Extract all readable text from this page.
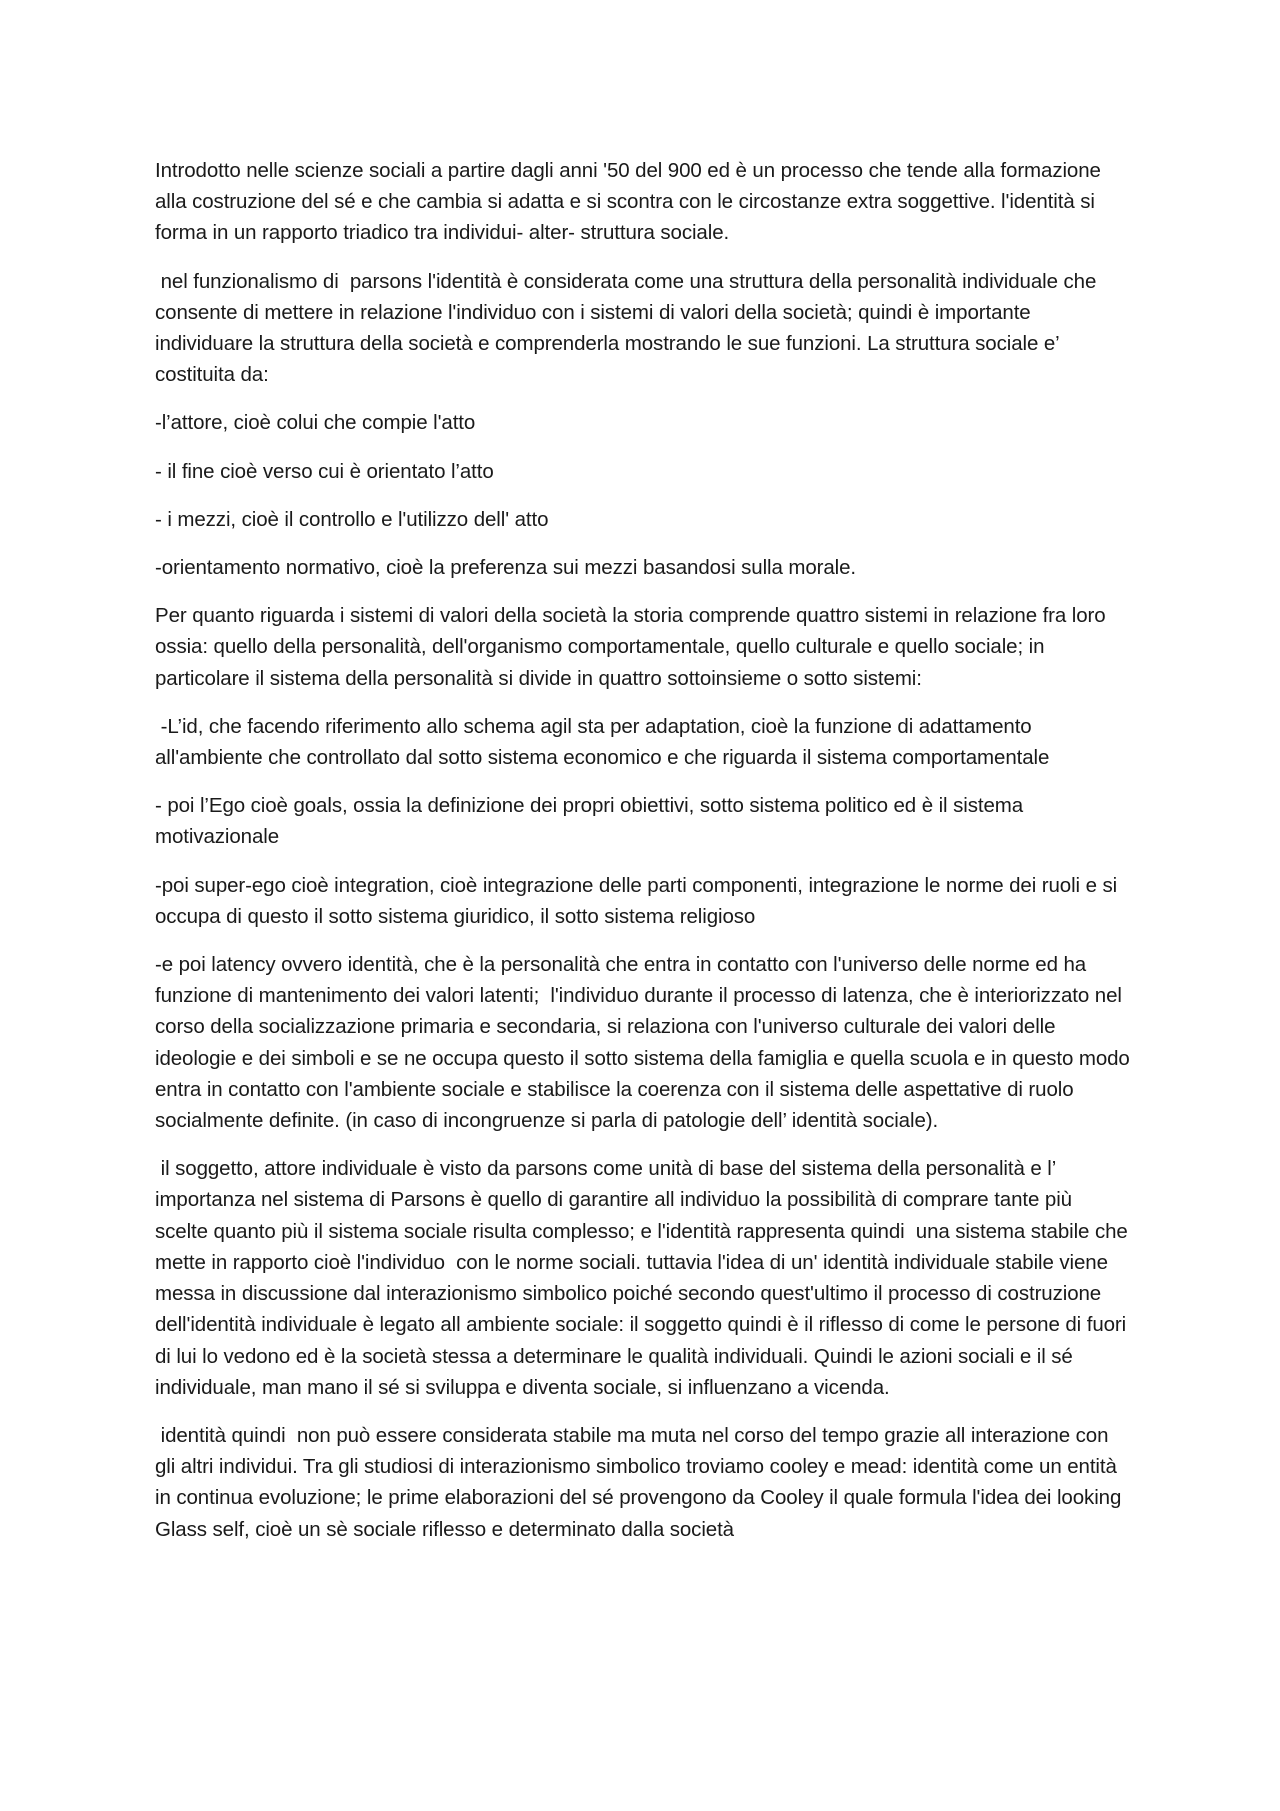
Introdotto nelle scienze sociali a partire dagli anni '50 del 900 ed è un processo che tende alla formazione alla costruzione del sé e che cambia si adatta e si scontra con le circostanze extra soggettive. l'identità si forma in un rapporto triadico tra individui- alter- struttura sociale.

nel funzionalismo di  parsons l'identità è considerata come una struttura della personalità individuale che consente di mettere in relazione l'individuo con i sistemi di valori della società; quindi è importante individuare la struttura della società e comprenderla mostrando le sue funzioni. La struttura sociale e’ costituita da:

-l’attore, cioè colui che compie l'atto

- il fine cioè verso cui è orientato l’atto

- i mezzi, cioè il controllo e l'utilizzo dell' atto

-orientamento normativo, cioè la preferenza sui mezzi basandosi sulla morale.

Per quanto riguarda i sistemi di valori della società la storia comprende quattro sistemi in relazione fra loro ossia: quello della personalità, dell'organismo comportamentale, quello culturale e quello sociale; in particolare il sistema della personalità si divide in quattro sottoinsieme o sotto sistemi:

-L’id, che facendo riferimento allo schema agil sta per adaptation, cioè la funzione di adattamento all'ambiente che controllato dal sotto sistema economico e che riguarda il sistema comportamentale

- poi l’Ego cioè goals, ossia la definizione dei propri obiettivi, sotto sistema politico ed è il sistema motivazionale

-poi super-ego cioè integration, cioè integrazione delle parti componenti, integrazione le norme dei ruoli e si occupa di questo il sotto sistema giuridico, il sotto sistema religioso

-e poi latency ovvero identità, che è la personalità che entra in contatto con l'universo delle norme ed ha funzione di mantenimento dei valori latenti;  l'individuo durante il processo di latenza, che è interiorizzato nel corso della socializzazione primaria e secondaria, si relaziona con l'universo culturale dei valori delle ideologie e dei simboli e se ne occupa questo il sotto sistema della famiglia e quella scuola e in questo modo entra in contatto con l'ambiente sociale e stabilisce la coerenza con il sistema delle aspettative di ruolo socialmente definite. (in caso di incongruenze si parla di patologie dell’ identità sociale).

il soggetto, attore individuale è visto da parsons come unità di base del sistema della personalità e l’ importanza nel sistema di Parsons è quello di garantire all individuo la possibilità di comprare tante più scelte quanto più il sistema sociale risulta complesso; e l'identità rappresenta quindi  una sistema stabile che mette in rapporto cioè l'individuo  con le norme sociali. tuttavia l'idea di un' identità individuale stabile viene messa in discussione dal interazionismo simbolico poiché secondo quest'ultimo il processo di costruzione dell'identità individuale è legato all ambiente sociale: il soggetto quindi è il riflesso di come le persone di fuori di lui lo vedono ed è la società stessa a determinare le qualità individuali. Quindi le azioni sociali e il sé individuale, man mano il sé si sviluppa e diventa sociale, si influenzano a vicenda.

identità quindi  non può essere considerata stabile ma muta nel corso del tempo grazie all interazione con gli altri individui. Tra gli studiosi di interazionismo simbolico troviamo cooley e mead: identità come un entità in continua evoluzione; le prime elaborazioni del sé provengono da Cooley il quale formula l'idea dei looking Glass self, cioè un sè sociale riflesso e determinato dalla società
